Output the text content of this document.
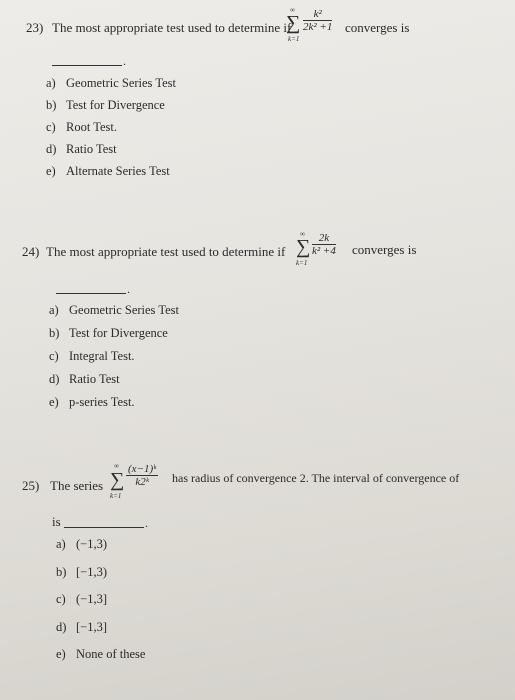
23) The most appropriate test used to determine if
∞
∑
k=1
$\frac{\text{k²}}{\text{2k² +1}}$ converges is
.
a) Geometric Series Test
b) Test for Divergence
c) Root Test.
d) Ratio Test
e) Alternate Series Test
24) The most appropriate test used to determine if
∞
∑
k=1
$\frac{2k}{\text{k² +4}}$ converges is
.
a) Geometric Series Test
b) Test for Divergence
c) Integral Test.
d) Ratio Test
e) p-series Test.
25) The series
∞
∑
k=1
$\frac{\text{(x−1)ᵏ}}{\text{k2ᵏ}}$ has radius of convergence 2. The interval of convergence of
is	.
a) (−1,3)
b) [−1,3)
c) (−1,3]
d) [−1,3]
e) None of these
